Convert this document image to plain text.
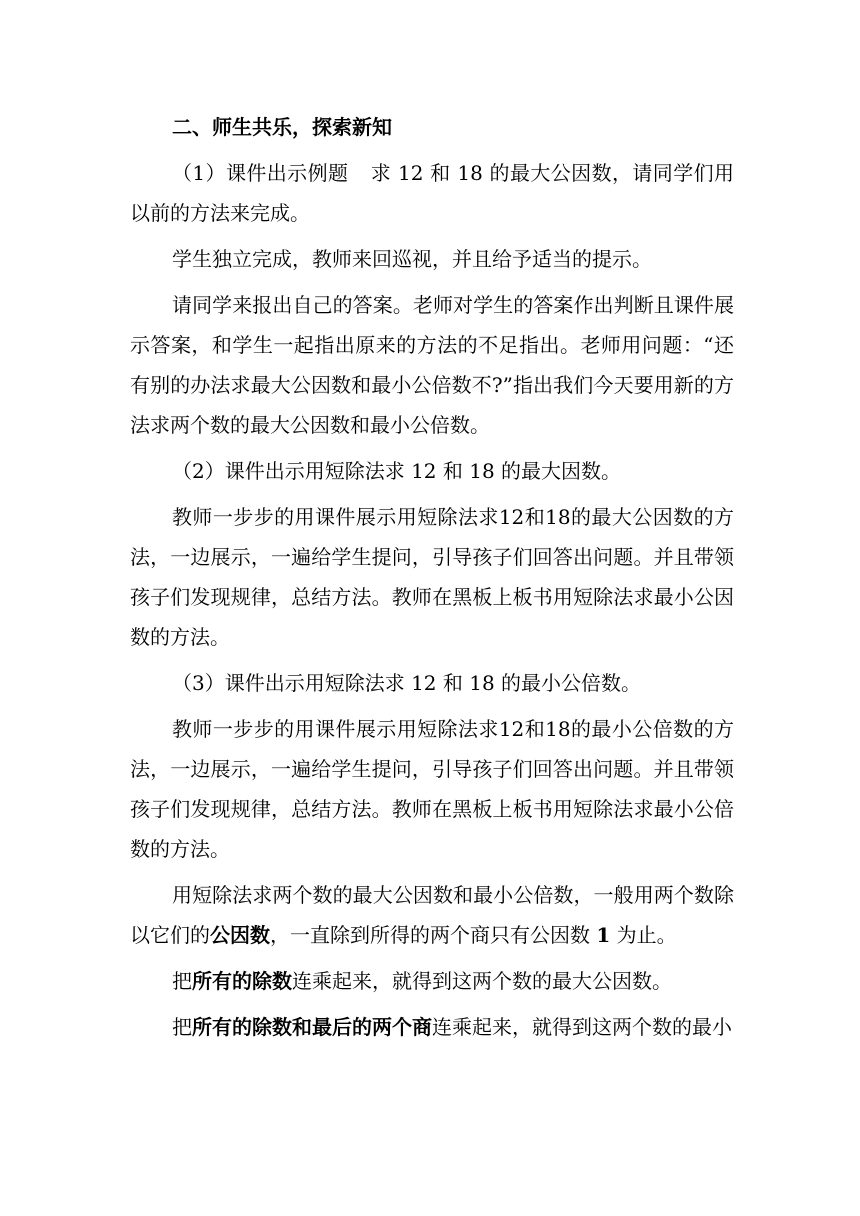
二、师生共乐，探索新知

（1）课件出示例题 求 12 和 18 的最大公因数，请同学们用以前的方法来完成。

学生独立完成，教师来回巡视，并且给予适当的提示。

请同学来报出自己的答案。老师对学生的答案作出判断且课件展示答案，和学生一起指出原来的方法的不足指出。老师用问题：“还有别的办法求最大公因数和最小公倍数不?”指出我们今天要用新的方法求两个数的最大公因数和最小公倍数。

（2）课件出示用短除法求 12 和 18 的最大因数。

教师一步步的用课件展示用短除法求12和18的最大公因数的方法，一边展示，一遍给学生提问，引导孩子们回答出问题。并且带领孩子们发现规律，总结方法。教师在黑板上板书用短除法求最小公因数的方法。

（3）课件出示用短除法求 12 和 18 的最小公倍数。

教师一步步的用课件展示用短除法求12和18的最小公倍数的方法，一边展示，一遍给学生提问，引导孩子们回答出问题。并且带领孩子们发现规律，总结方法。教师在黑板上板书用短除法求最小公倍数的方法。

用短除法求两个数的最大公因数和最小公倍数，一般用两个数除以它们的公因数，一直除到所得的两个商只有公因数 1 为止。

把所有的除数连乘起来，就得到这两个数的最大公因数。

把所有的除数和最后的两个商连乘起来，就得到这两个数的最小
